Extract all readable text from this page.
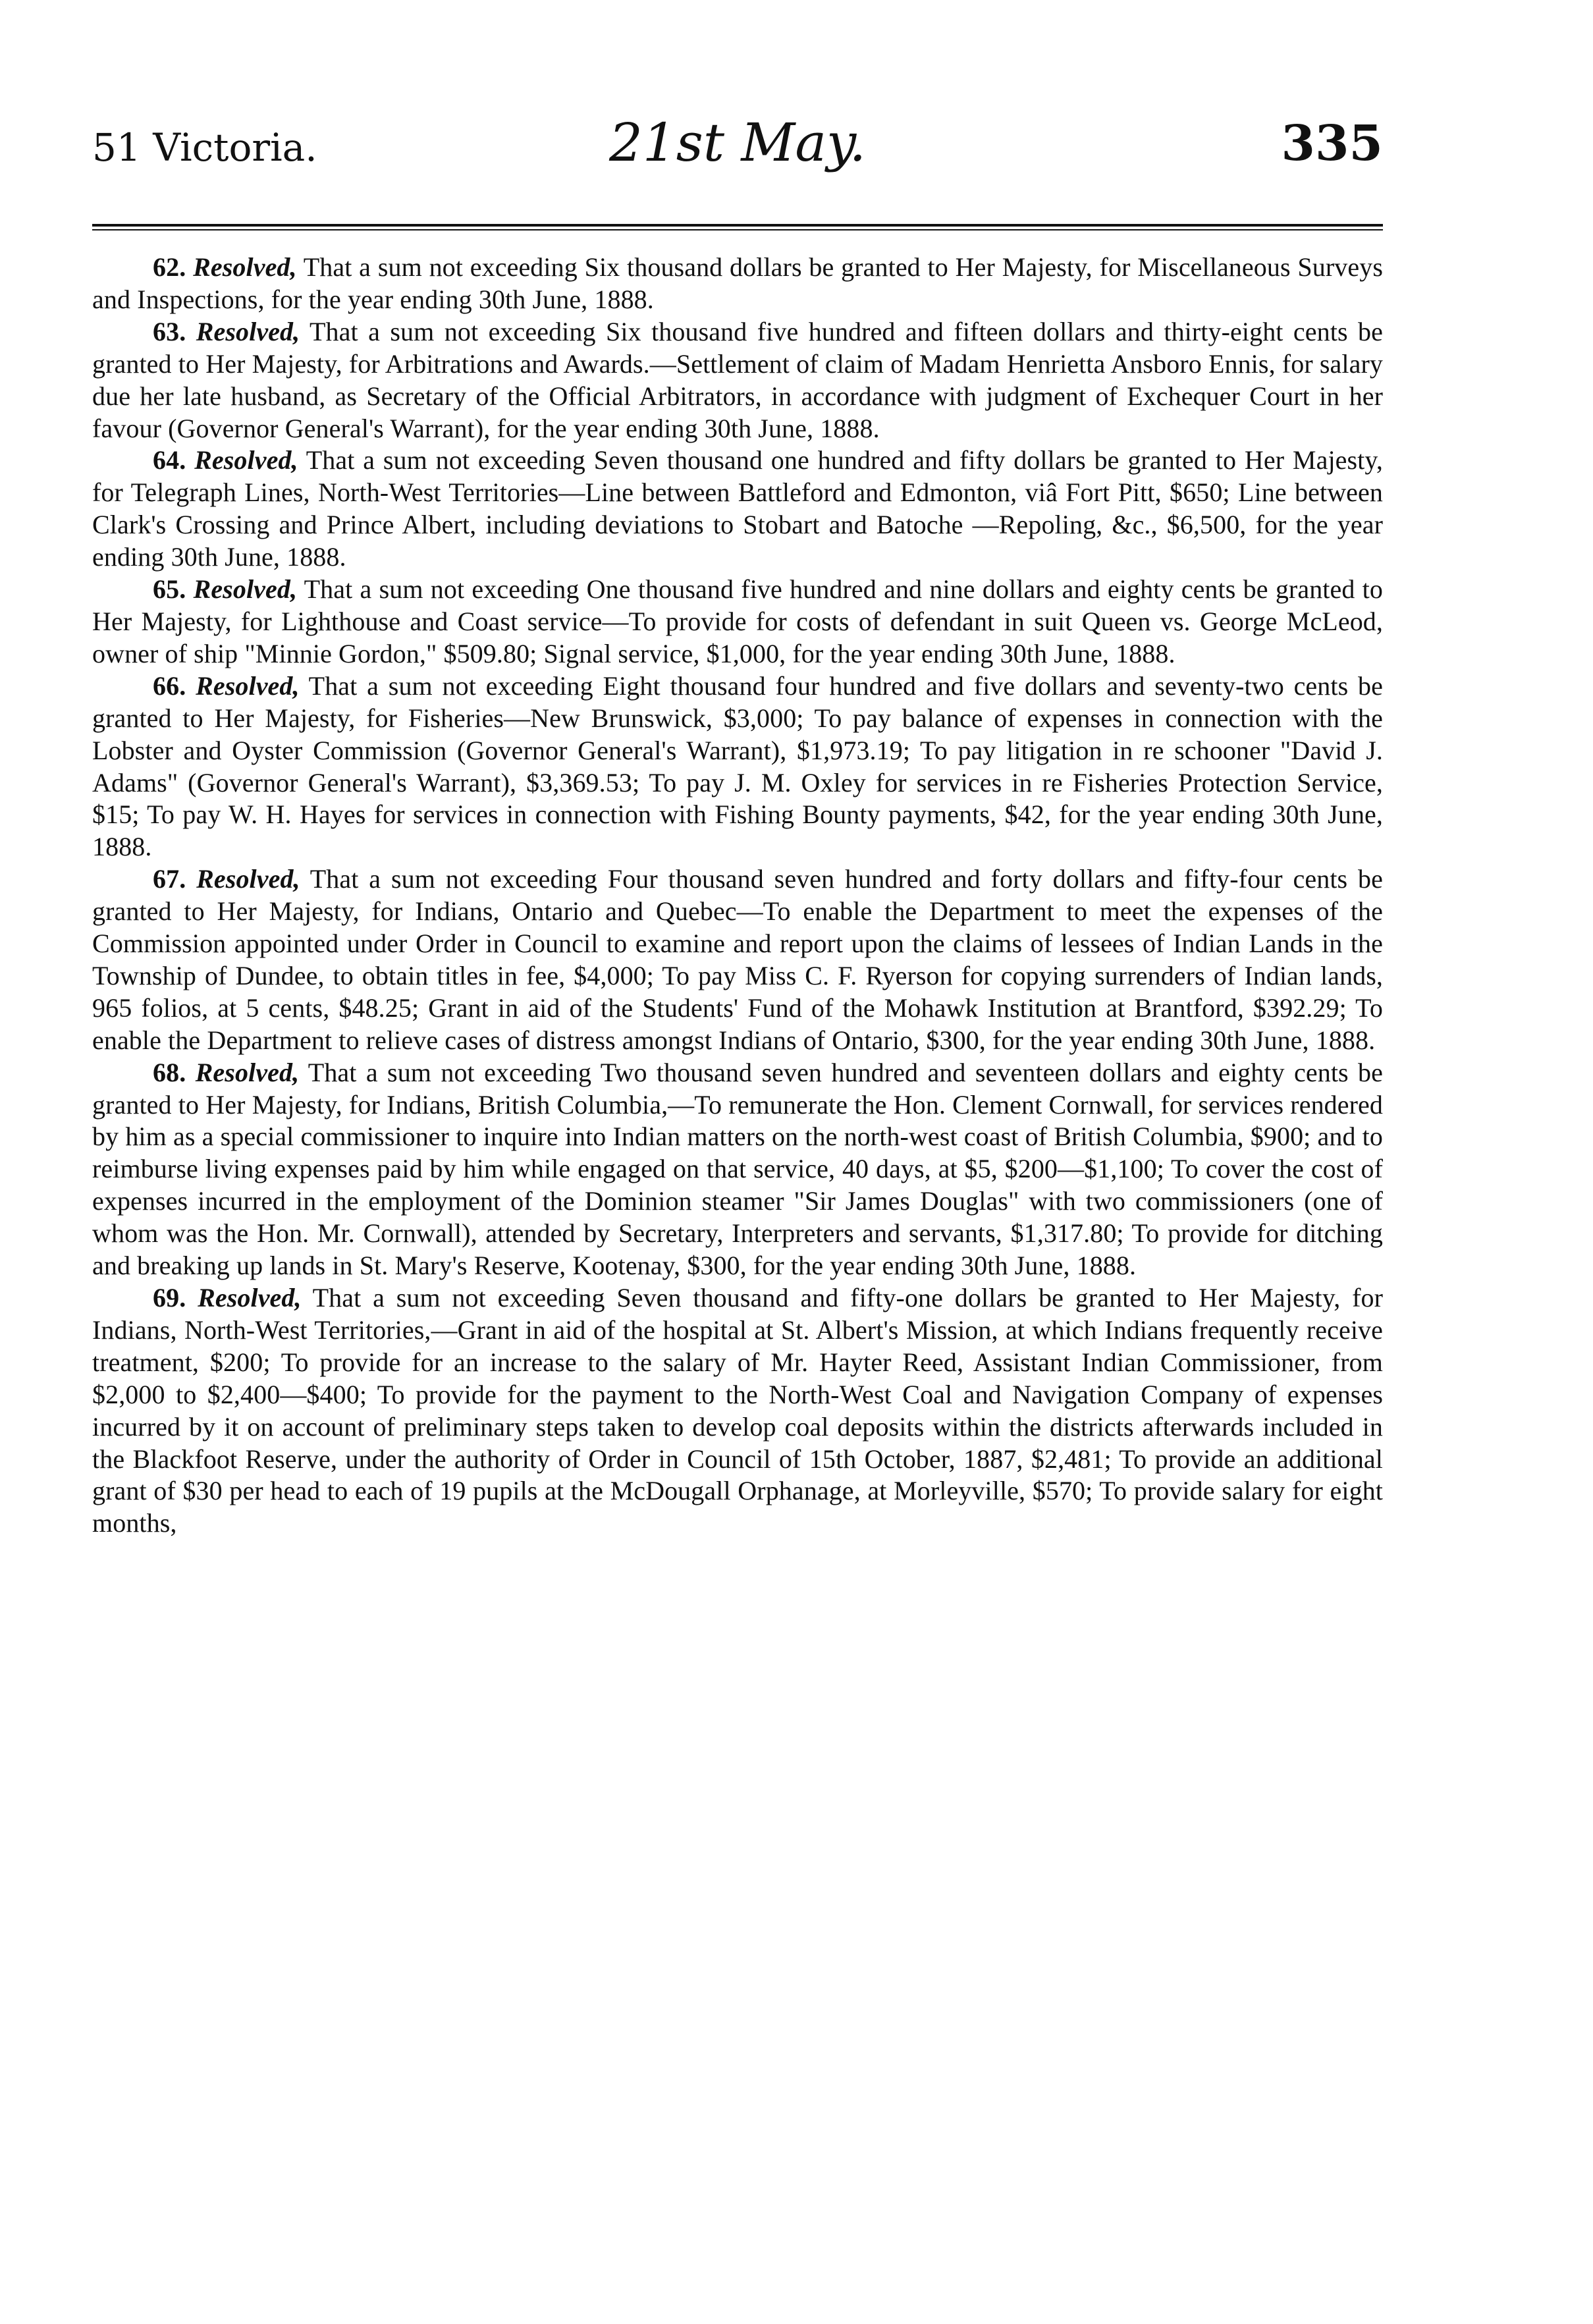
51 Victoria.	21st May.	335

62. Resolved, That a sum not exceeding Six thousand dollars be granted to Her Majesty, for Miscellaneous Surveys and Inspections, for the year ending 30th June, 1888.

63. Resolved, That a sum not exceeding Six thousand five hundred and fifteen dollars and thirty-eight cents be granted to Her Majesty, for Arbitrations and Awards.—Settlement of claim of Madam Henrietta Ansboro Ennis, for salary due her late husband, as Secretary of the Official Arbitrators, in accordance with judgment of Exchequer Court in her favour (Governor General's Warrant), for the year ending 30th June, 1888.

64. Resolved, That a sum not exceeding Seven thousand one hundred and fifty dollars be granted to Her Majesty, for Telegraph Lines, North-West Territories—Line between Battleford and Edmonton, viâ Fort Pitt, $650; Line between Clark's Crossing and Prince Albert, including deviations to Stobart and Batoche —Repoling, &c., $6,500, for the year ending 30th June, 1888.

65. Resolved, That a sum not exceeding One thousand five hundred and nine dollars and eighty cents be granted to Her Majesty, for Lighthouse and Coast service—To provide for costs of defendant in suit Queen vs. George McLeod, owner of ship "Minnie Gordon," $509.80; Signal service, $1,000, for the year ending 30th June, 1888.

66. Resolved, That a sum not exceeding Eight thousand four hundred and five dollars and seventy-two cents be granted to Her Majesty, for Fisheries—New Brunswick, $3,000; To pay balance of expenses in connection with the Lobster and Oyster Commission (Governor General's Warrant), $1,973.19; To pay litigation in re schooner "David J. Adams" (Governor General's Warrant), $3,369.53; To pay J. M. Oxley for services in re Fisheries Protection Service, $15; To pay W. H. Hayes for services in connection with Fishing Bounty payments, $42, for the year ending 30th June, 1888.

67. Resolved, That a sum not exceeding Four thousand seven hundred and forty dollars and fifty-four cents be granted to Her Majesty, for Indians, Ontario and Quebec—To enable the Department to meet the expenses of the Commission appointed under Order in Council to examine and report upon the claims of lessees of Indian Lands in the Township of Dundee, to obtain titles in fee, $4,000; To pay Miss C. F. Ryerson for copying surrenders of Indian lands, 965 folios, at 5 cents, $48.25; Grant in aid of the Students' Fund of the Mohawk Institution at Brantford, $392.29; To enable the Department to relieve cases of distress amongst Indians of Ontario, $300, for the year ending 30th June, 1888.

68. Resolved, That a sum not exceeding Two thousand seven hundred and seventeen dollars and eighty cents be granted to Her Majesty, for Indians, British Columbia,—To remunerate the Hon. Clement Cornwall, for services rendered by him as a special commissioner to inquire into Indian matters on the north-west coast of British Columbia, $900; and to reimburse living expenses paid by him while engaged on that service, 40 days, at $5, $200—$1,100; To cover the cost of expenses incurred in the employment of the Dominion steamer "Sir James Douglas" with two commissioners (one of whom was the Hon. Mr. Cornwall), attended by Secretary, Interpreters and servants, $1,317.80; To provide for ditching and breaking up lands in St. Mary's Reserve, Kootenay, $300, for the year ending 30th June, 1888.

69. Resolved, That a sum not exceeding Seven thousand and fifty-one dollars be granted to Her Majesty, for Indians, North-West Territories,—Grant in aid of the hospital at St. Albert's Mission, at which Indians frequently receive treatment, $200; To provide for an increase to the salary of Mr. Hayter Reed, Assistant Indian Commissioner, from $2,000 to $2,400—$400; To provide for the payment to the North-West Coal and Navigation Company of expenses incurred by it on account of preliminary steps taken to develop coal deposits within the districts afterwards included in the Blackfoot Reserve, under the authority of Order in Council of 15th October, 1887, $2,481; To provide an additional grant of $30 per head to each of 19 pupils at the McDougall Orphanage, at Morleyville, $570; To provide salary for eight months,
